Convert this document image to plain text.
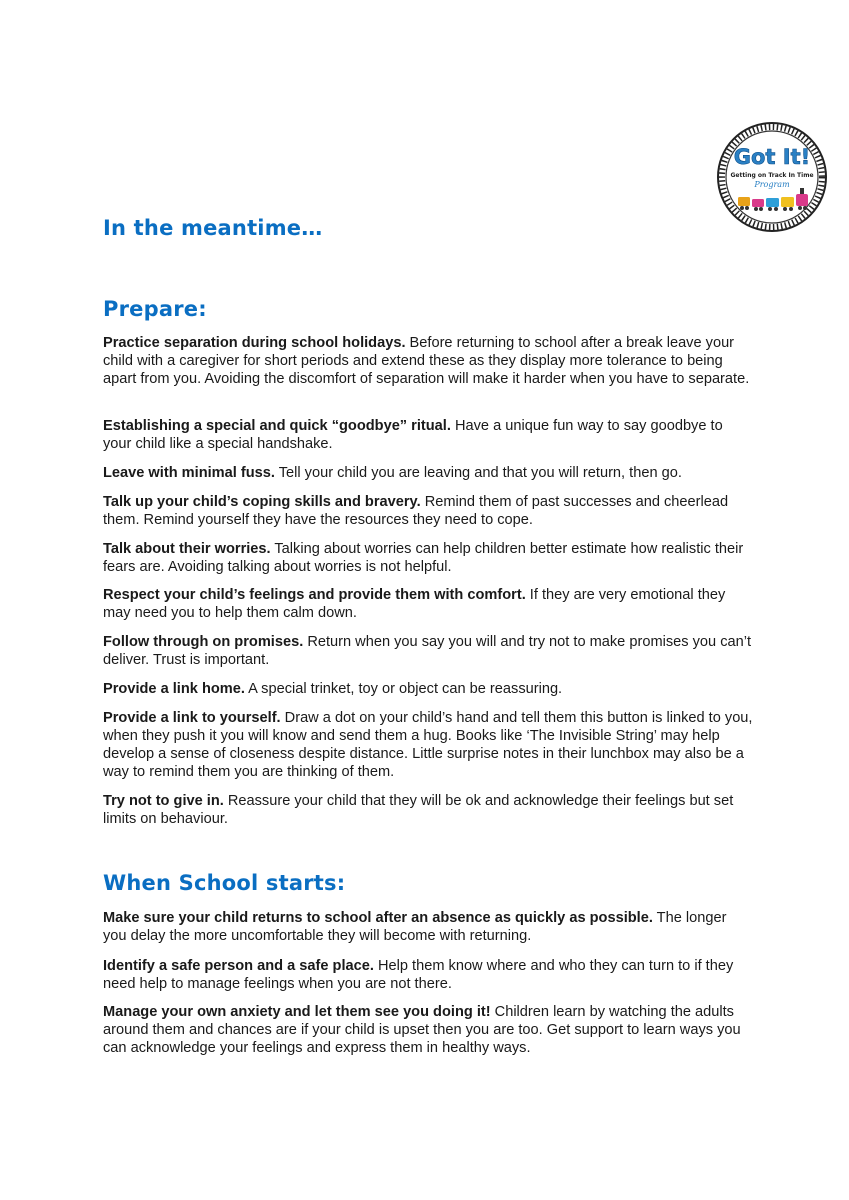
Got It!
Getting on Track In Time
Program
In the meantime…
Prepare:

Practice separation during school holidays. Before returning to school after a break leave your child with a caregiver for short periods and extend these as they display more tolerance to being apart from you. Avoiding the discomfort of separation will make it harder when you have to separate.

Establishing a special and quick “goodbye” ritual. Have a unique fun way to say goodbye to your child like a special handshake.

Leave with minimal fuss. Tell your child you are leaving and that you will return, then go.

Talk up your child’s coping skills and bravery. Remind them of past successes and cheerlead them. Remind yourself they have the resources they need to cope.

Talk about their worries. Talking about worries can help children better estimate how realistic their fears are. Avoiding talking about worries is not helpful.

Respect your child’s feelings and provide them with comfort. If they are very emotional they may need you to help them calm down.

Follow through on promises. Return when you say you will and try not to make promises you can’t deliver. Trust is important.

Provide a link home. A special trinket, toy or object can be reassuring.

Provide a link to yourself. Draw a dot on your child’s hand and tell them this button is linked to you, when they push it you will know and send them a hug. Books like ‘The Invisible String’ may help develop a sense of closeness despite distance. Little surprise notes in their lunchbox may also be a way to remind them you are thinking of them.

Try not to give in. Reassure your child that they will be ok and acknowledge their feelings but set limits on behaviour.

When School starts:

Make sure your child returns to school after an absence as quickly as possible. The longer you delay the more uncomfortable they will become with returning.

Identify a safe person and a safe place. Help them know where and who they can turn to if they need help to manage feelings when you are not there.

Manage your own anxiety and let them see you doing it! Children learn by watching the adults around them and chances are if your child is upset then you are too. Get support to learn ways you can acknowledge your feelings and express them in healthy ways.
